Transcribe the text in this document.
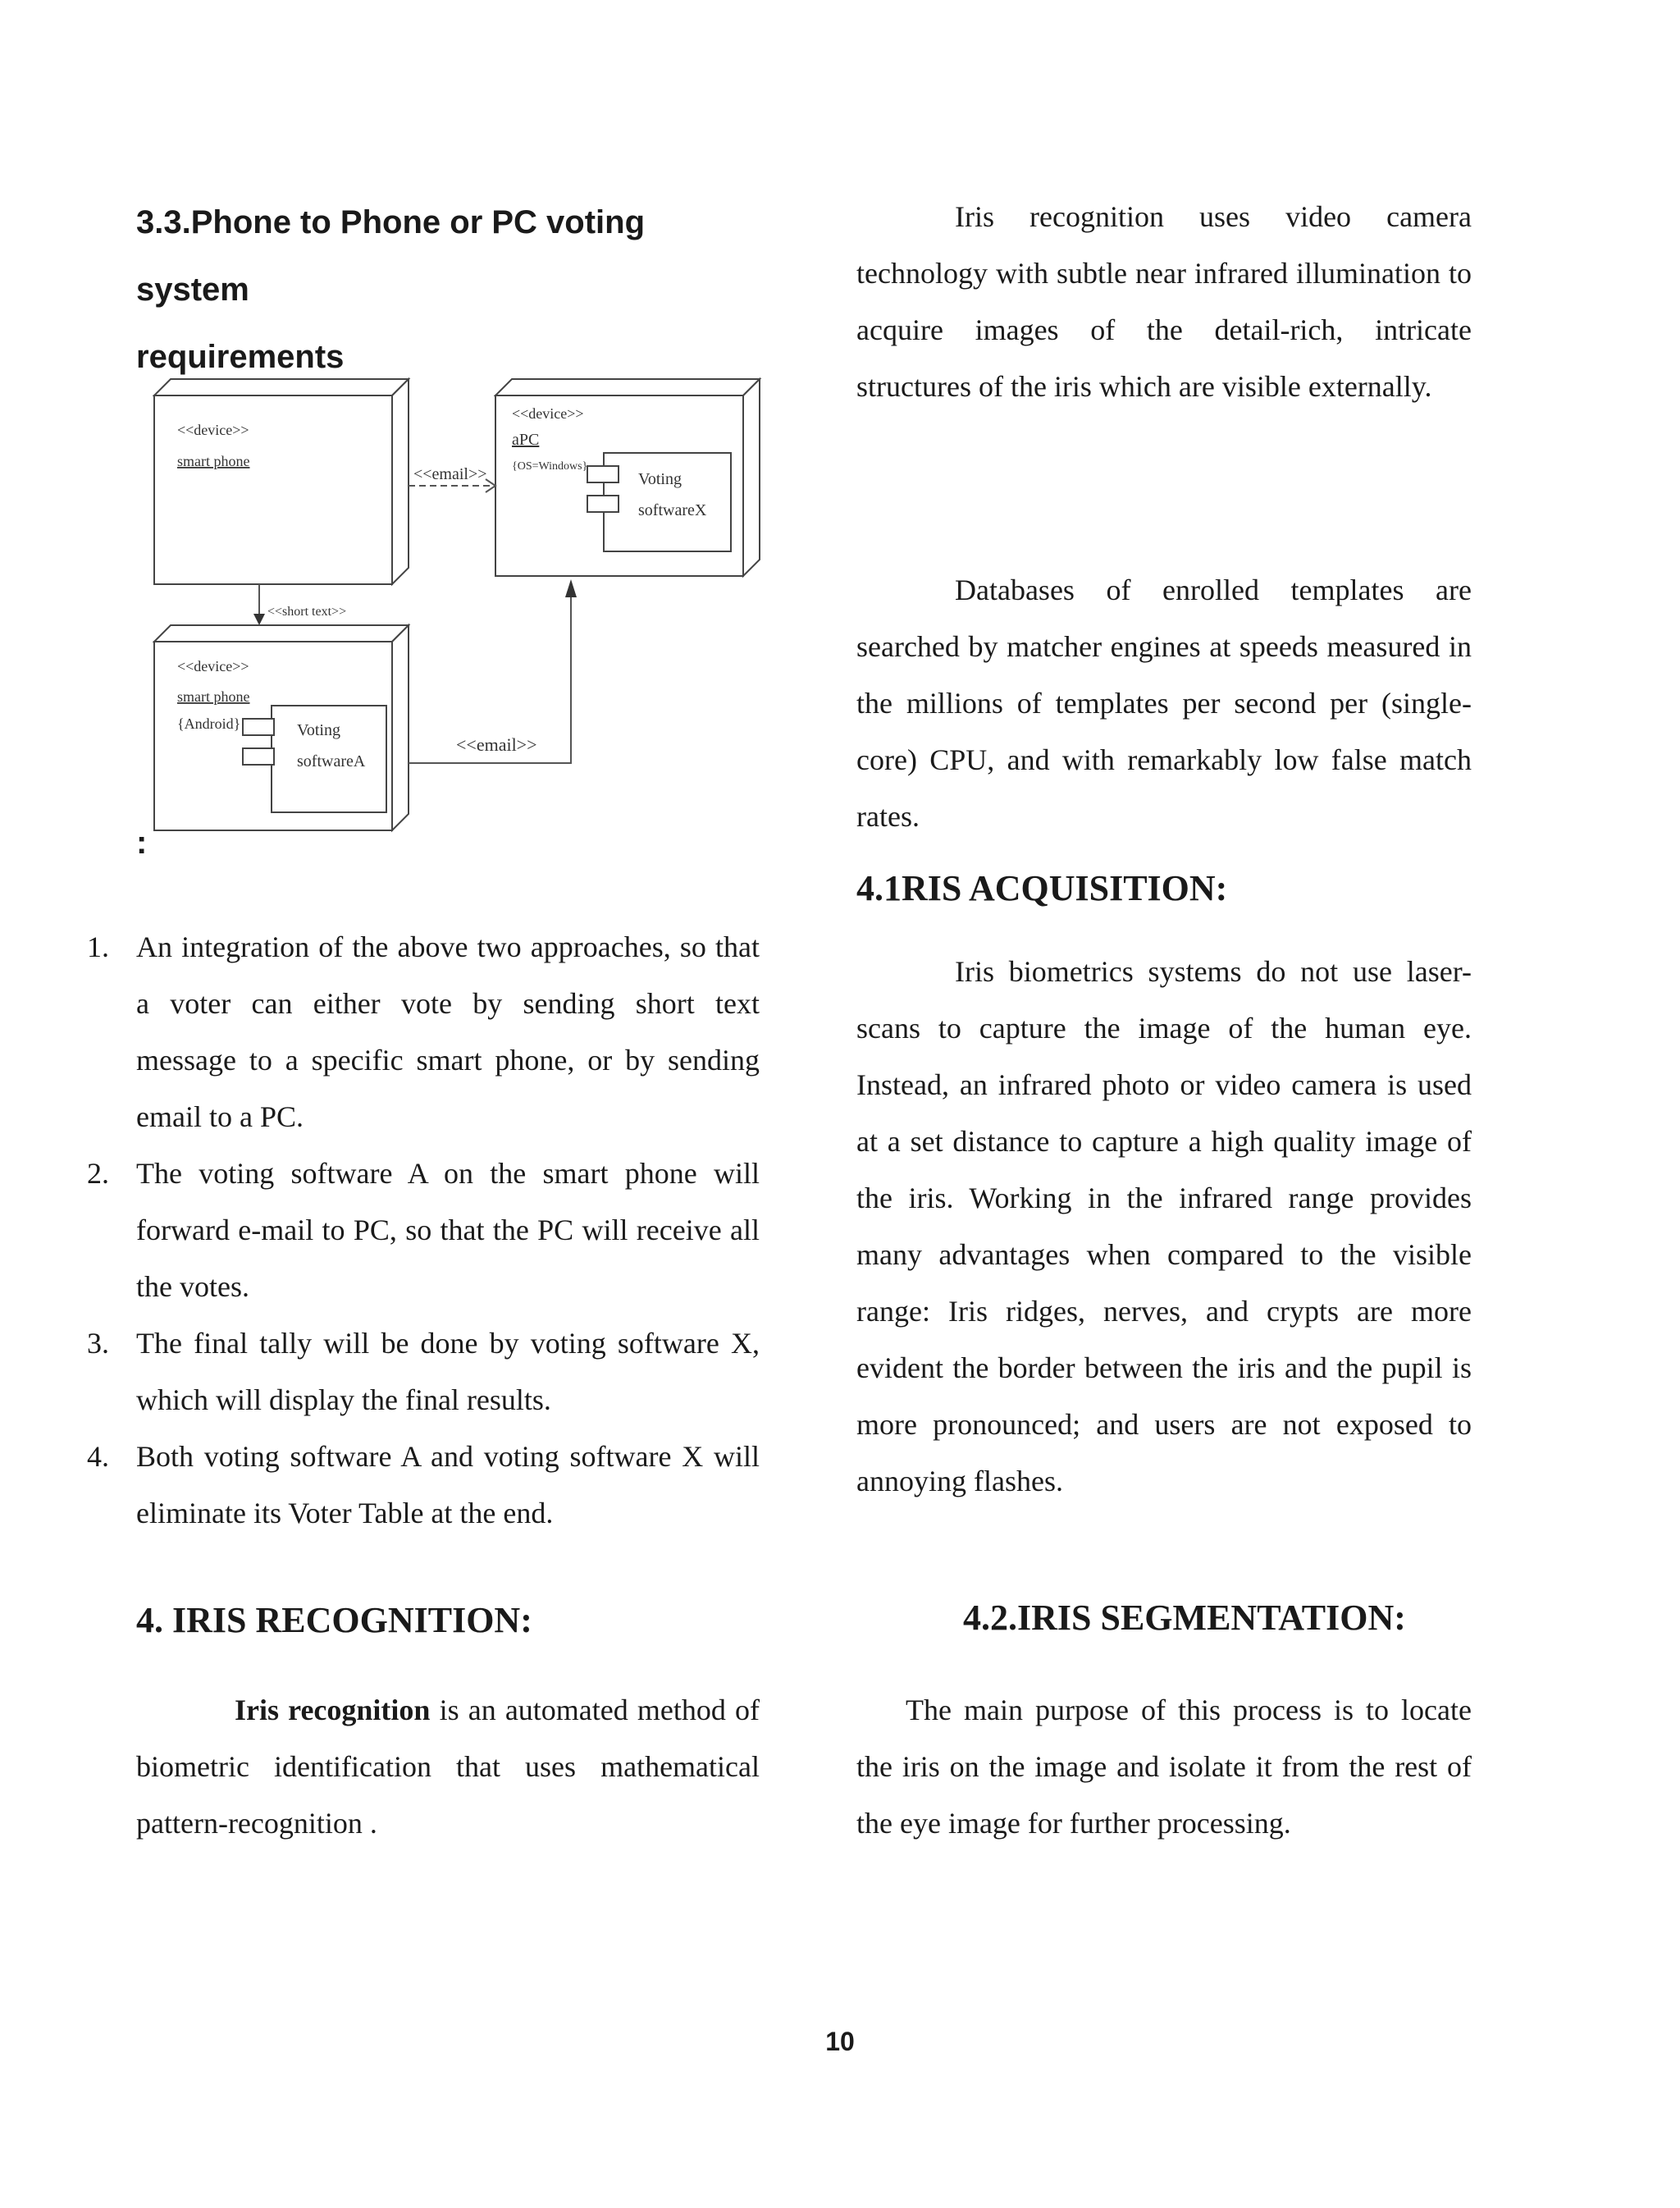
3.3.Phone to Phone or PC voting system
requirements
<<device>>
smart phone
<<device>>
aPC
{OS=Windows}
Voting
softwareX
<<device>>
smart phone
{Android}	Voting
softwareA
<<email>>
<<short text>>
<<email>>
:
1. An integration of the above two approaches, so that a voter can either vote by sending short text message to a specific smart phone, or by sending email to a PC.
2. The voting software A on the smart phone will forward e-mail to PC, so that the PC will receive all the votes.
3. The final tally will be done by voting software X, which will display the final results.
4. Both voting software A and voting software X will eliminate its Voter Table at the end.
4. IRIS RECOGNITION:

Iris recognition is an automated method of biometric identification that uses mathematical pattern-recognition .

Iris recognition uses video camera technology with subtle near infrared illumination to acquire images of the detail-rich, intricate structures of the iris which are visible externally.

Databases of enrolled templates are searched by matcher engines at speeds measured in the millions of templates per second per (single-core) CPU, and with remarkably low false match rates.

4.1RIS ACQUISITION:

Iris biometrics systems do not use laser-scans to capture the image of the human eye. Instead, an infrared photo or video camera is used at a set distance to capture a high quality image of the iris. Working in the infrared range provides many advantages when compared to the visible range: Iris ridges, nerves, and crypts are more evident the border between the iris and the pupil is more pronounced; and users are not exposed to annoying flashes.

4.2.IRIS SEGMENTATION:

The main purpose of this process is to locate the iris on the image and isolate it from the rest of the eye image for further processing.

10
